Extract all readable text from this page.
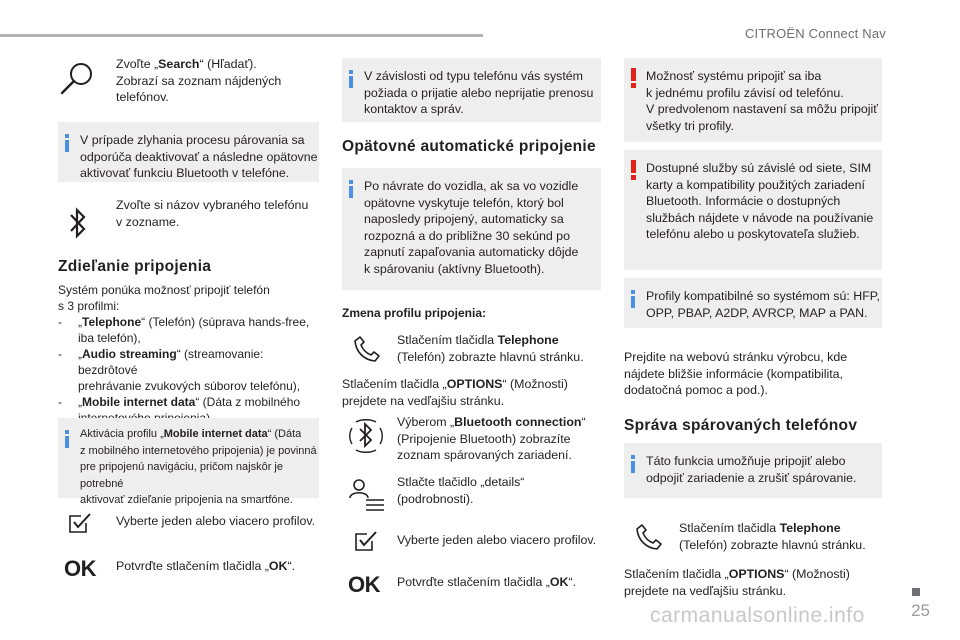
CITROËN Connect Nav
Zvoľte „Search“ (Hľadať).
Zobrazí sa zoznam nájdených
telefónov.
V prípade zlyhania procesu párovania sa
odporúča deaktivovať a následne opätovne
aktivovať funkciu Bluetooth v telefóne.
Zvoľte si názov vybraného telefónu
v zozname.
Zdieľanie pripojenia
Systém ponúka možnosť pripojiť telefón
s 3 profilmi:
- „Telephone“ (Telefón) (súprava hands-free,
iba telefón),
- „Audio streaming“ (streamovanie: bezdrôtové
prehrávanie zvukových súborov telefónu),
- „Mobile internet data“ (Dáta z mobilného

Aktivácia profilu „Mobile internet data“ (Dáta
z mobilného internetového pripojenia) je povinná
pre pripojenú navigáciu, pričom najskôr je potrebné
aktivovať zdieľanie pripojenia na smartfóne.
Vyberte jeden alebo viacero profilov.
OK Potvrďte stlačením tlačidla „OK“.
V závislosti od typu telefónu vás systém
požiada o prijatie alebo neprijatie prenosu
kontaktov a správ.
Opätovné automatické pripojenie
Po návrate do vozidla, ak sa vo vozidle
opätovne vyskytuje telefón, ktorý bol
naposledy pripojený, automaticky sa
rozpozná a do približne 30 sekúnd po
zapnutí zapaľovania automaticky dôjde
k spárovaniu (aktívny Bluetooth).
Zmena profilu pripojenia:
Stlačením tlačidla Telephone
(Telefón) zobrazte hlavnú stránku.
Stlačením tlačidla „OPTIONS“ (Možnosti)
prejdete na vedľajšiu stránku.
Výberom „Bluetooth connection“
(Pripojenie Bluetooth) zobrazíte
zoznam spárovaných zariadení.
Stlačte tlačidlo „details“
(podrobnosti).
Vyberte jeden alebo viacero profilov.
OK Potvrďte stlačením tlačidla „OK“.
Možnosť systému pripojiť sa iba
k jednému profilu závisí od telefónu.
V predvolenom nastavení sa môžu pripojiť
všetky tri profily.
Dostupné služby sú závislé od siete, SIM
karty a kompatibility použitých zariadení
Bluetooth. Informácie o dostupných
službách nájdete v návode na používanie
telefónu alebo u poskytovateľa služieb.
Profily kompatibilné so systémom sú: HFP,
OPP, PBAP, A2DP, AVRCP, MAP a PAN.
Prejdite na webovú stránku výrobcu, kde
nájdete bližšie informácie (kompatibilita,
dodatočná pomoc a pod.).
Správa spárovaných telefónov
Táto funkcia umožňuje pripojiť alebo
odpojiť zariadenie a zrušiť spárovanie.
Stlačením tlačidla Telephone
(Telefón) zobrazte hlavnú stránku.
Stlačením tlačidla „OPTIONS“ (Možnosti)
prejdete na vedľajšiu stránku.
carmanualsonline.info	25
